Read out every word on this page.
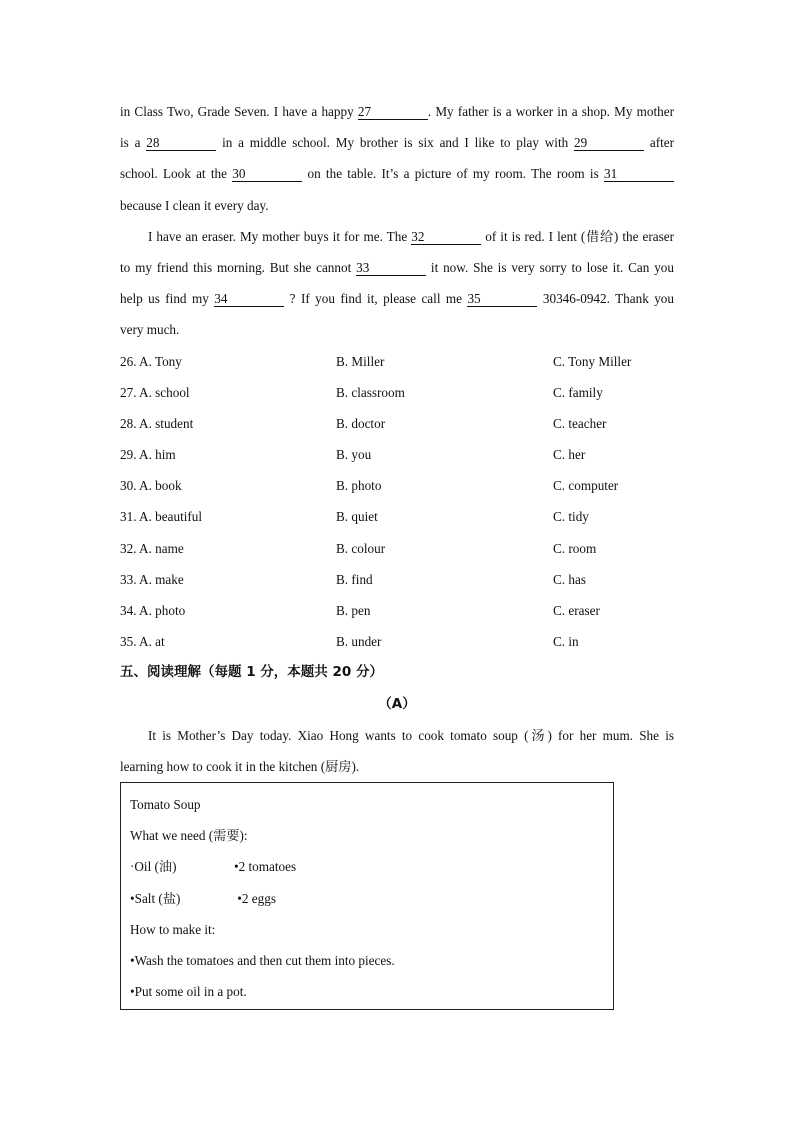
in Class Two, Grade Seven. I have a happy 27	. My father is a worker in a shop. My mother
is a 28	in a middle school. My brother is six and I like to play with 29	after
school. Look at the 30	on the table. It’s a picture of my room. The room is 31
because I clean it every day.
I have an eraser. My mother buys it for me. The 32	of it is red. I lent (借给) the eraser
to my friend this morning. But she cannot 33	it now. She is very sorry to lose it. Can you
help us find my 34	? If you find it, please call me 35	30346-0942. Thank you
very much.
26. A. Tony	B. Miller	C. Tony Miller
27. A. school	B. classroom	C. family
28. A. student	B. doctor	C. teacher
29. A. him	B. you	C. her
30. A. book	B. photo	C. computer
31. A. beautiful	B. quiet	C. tidy
32. A. name	B. colour	C. room
33. A. make	B. find	C. has
34. A. photo	B. pen	C. eraser
35. A. at	B. under	C. in
五、阅读理解（每题 1 分，本题共 20 分）
（A）
It is Mother’s Day today. Xiao Hong wants to cook tomato soup (汤) for her mum. She is
learning how to cook it in the kitchen (厨房).
Tomato Soup
What we need (需要):
·Oil (油)	•2 tomatoes
•Salt (盐)	•2 eggs
How to make it:
•Wash the tomatoes and then cut them into pieces.
•Put some oil in a pot.
